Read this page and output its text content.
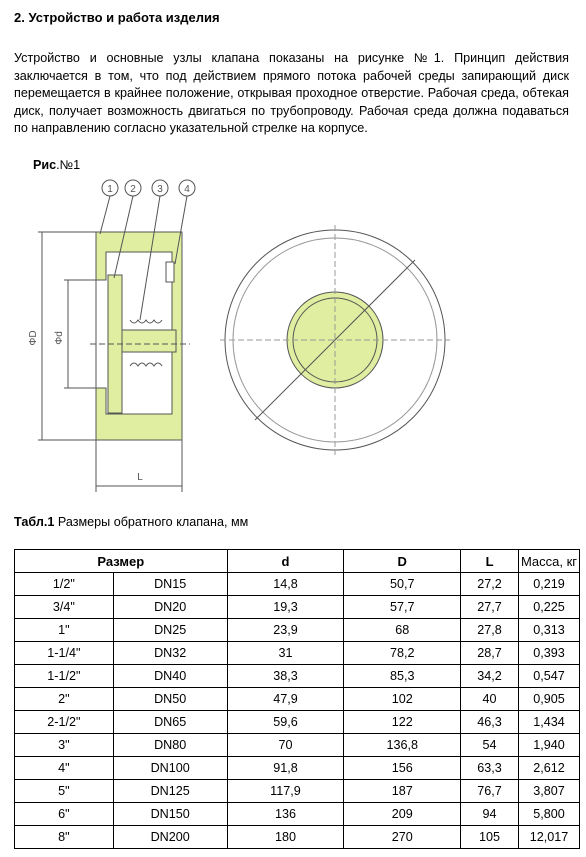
2. Устройство и работа изделия
Устройство и основные узлы клапана показаны на рисунке №1. Принцип действия заключается в том, что под действием прямого потока рабочей среды запирающий диск перемещается в крайнее положение, открывая проходное отверстие. Рабочая среда, обтекая диск, получает возможность двигаться по трубопроводу. Рабочая среда должна подаваться по направлению согласно указательной стрелке на корпусе.
Рис.№1
1 2 3 4
ΦD Φd
L
Табл.1 Размеры обратного клапана, мм
Размер		d	D	L	Масса, кг
1/2"	DN15	14,8	50,7	27,2	0,219
3/4"	DN20	19,3	57,7	27,7	0,225
1"	DN25	23,9	68	27,8	0,313
1-1/4"	DN32	31	78,2	28,7	0,393
1-1/2"	DN40	38,3	85,3	34,2	0,547
2"	DN50	47,9	102	40	0,905
2-1/2"	DN65	59,6	122	46,3	1,434
3"	DN80	70	136,8	54	1,940
4"	DN100	91,8	156	63,3	2,612
5"	DN125	117,9	187	76,7	3,807
6"	DN150	136	209	94	5,800
8"	DN200	180	270	105	12,017
